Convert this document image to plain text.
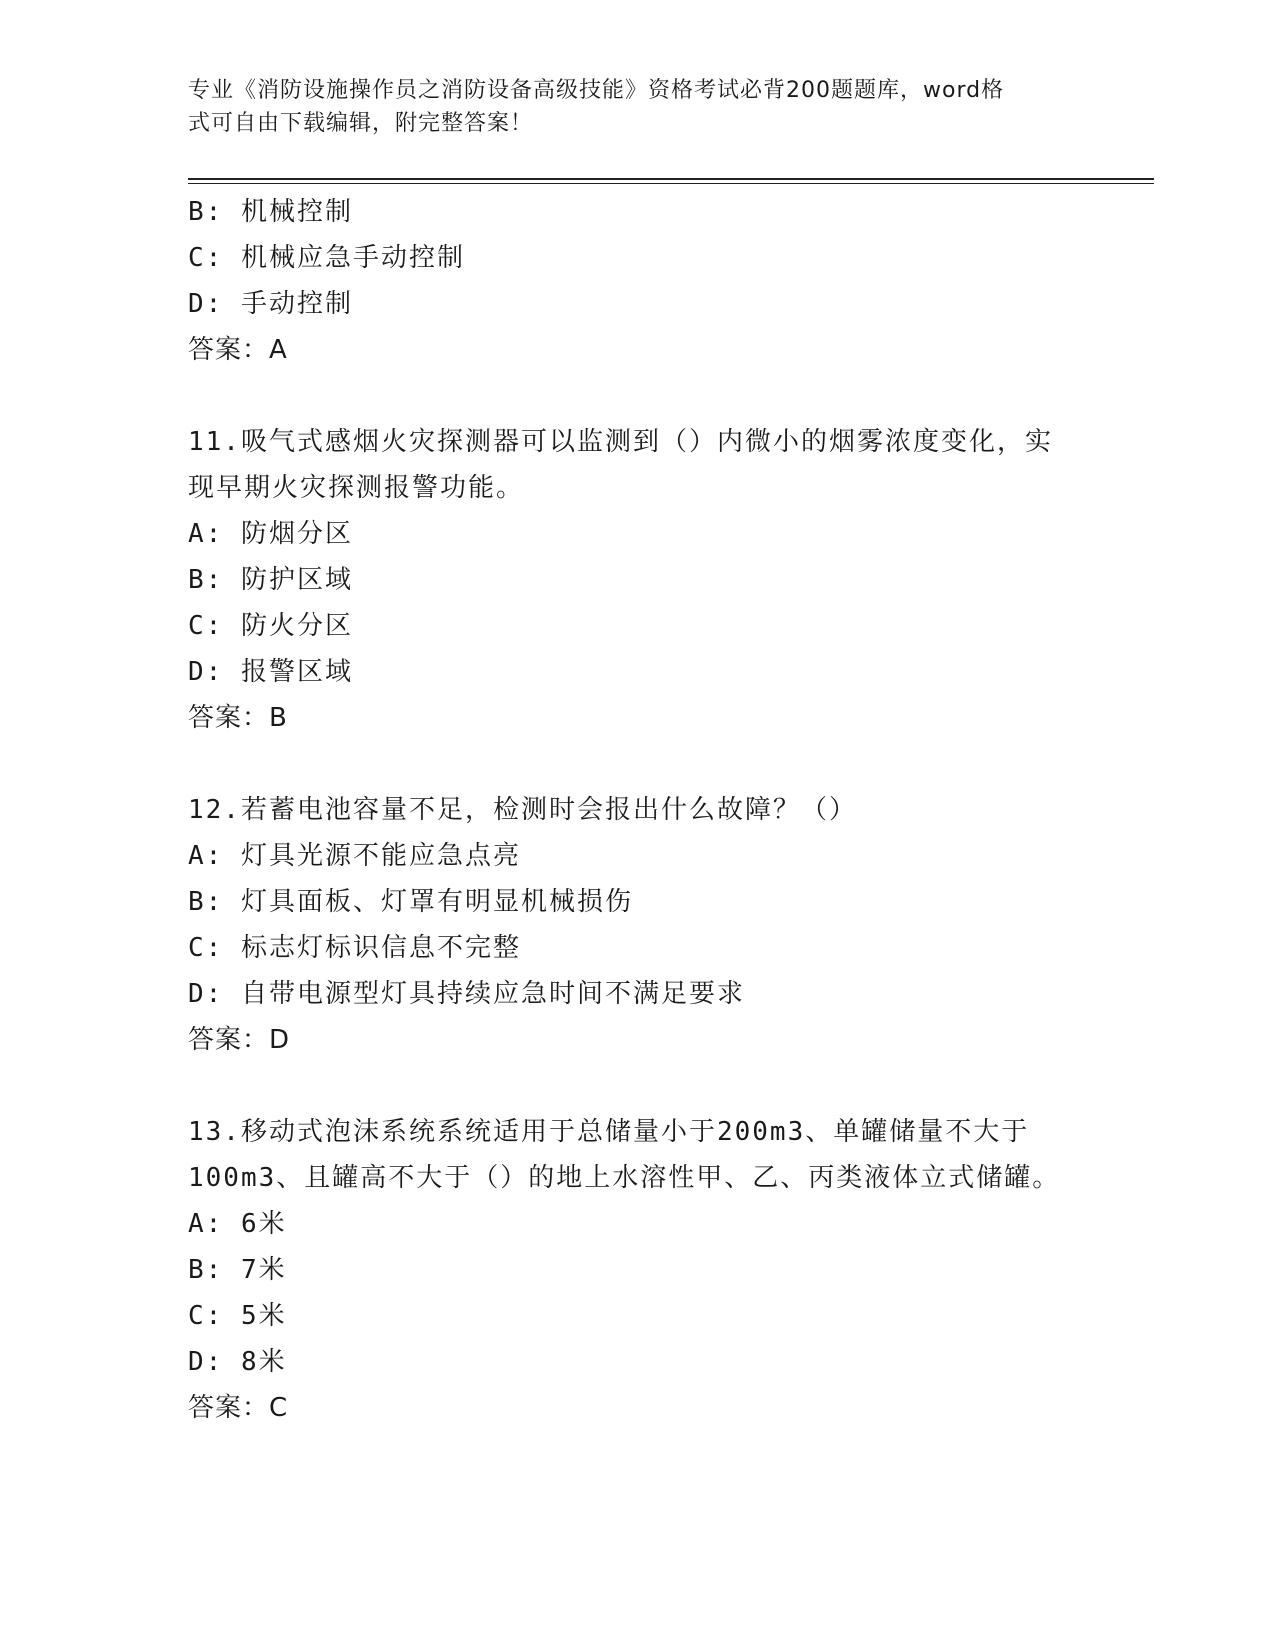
专业《消防设施操作员之消防设备高级技能》资格考试必背200题题库，word格
式可自由下载编辑，附完整答案！
B: 机械控制
C: 机械应急手动控制
D: 手动控制
答案：A
11.吸气式感烟火灾探测器可以监测到（）内微小的烟雾浓度变化，实现早期火灾探测报警功能。
A: 防烟分区
B: 防护区域
C: 防火分区
D: 报警区域
答案：B
12.若蓄电池容量不足，检测时会报出什么故障？（）
A: 灯具光源不能应急点亮
B: 灯具面板、灯罩有明显机械损伤
C: 标志灯标识信息不完整
D: 自带电源型灯具持续应急时间不满足要求
答案：D
13.移动式泡沫系统系统适用于总储量小于200m3、单罐储量不大于100m3、且罐高不大于（）的地上水溶性甲、乙、丙类液体立式储罐。
A: 6米
B: 7米
C: 5米
D: 8米
答案：C
